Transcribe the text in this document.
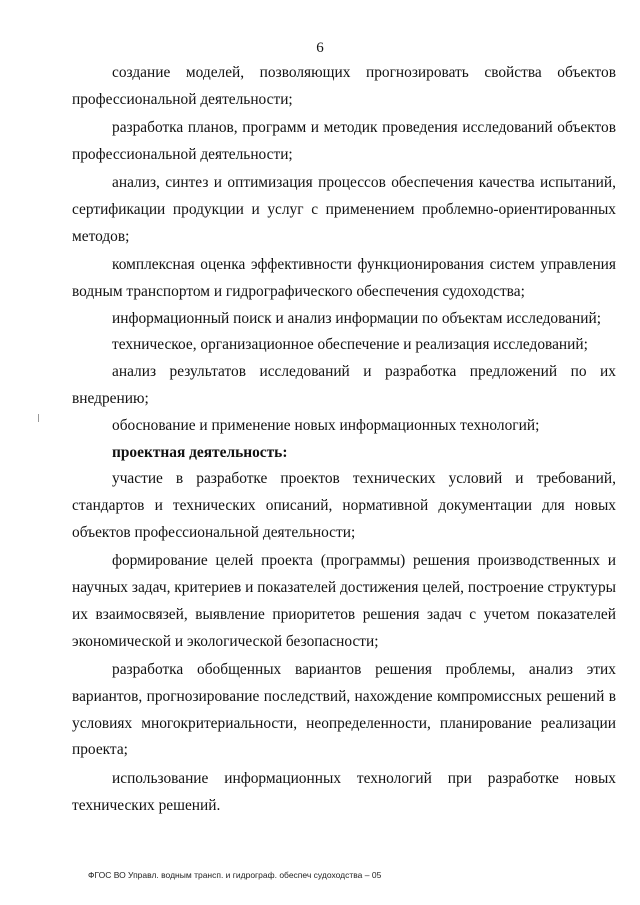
6

создание моделей, позволяющих прогнозировать свойства объектов профессиональной деятельности;

разработка планов, программ и методик проведения исследований объектов профессиональной деятельности;

анализ, синтез и оптимизация процессов обеспечения качества испытаний, сертификации продукции и услуг с применением проблемно-ориентированных методов;

комплексная оценка эффективности функционирования систем управления водным транспортом и гидрографического обеспечения судоходства;

информационный поиск и анализ информации по объектам исследований;

техническое, организационное обеспечение и реализация исследований;

анализ результатов исследований и разработка предложений по их внедрению;

обоснование и применение новых информационных технологий;

проектная деятельность:

участие в разработке проектов технических условий и требований, стандартов и технических описаний, нормативной документации для новых объектов профессиональной деятельности;

формирование целей проекта (программы) решения производственных и научных задач, критериев и показателей достижения целей, построение структуры их взаимосвязей, выявление приоритетов решения задач с учетом показателей экономической и экологической безопасности;

разработка обобщенных вариантов решения проблемы, анализ этих вариантов, прогнозирование последствий, нахождение компромиссных решений в условиях многокритериальности, неопределенности, планирование реализации проекта;

использование информационных технологий при разработке новых технических решений.

ФГОС ВО Управл. водным трансп. и гидрограф. обеспеч судоходства – 05
